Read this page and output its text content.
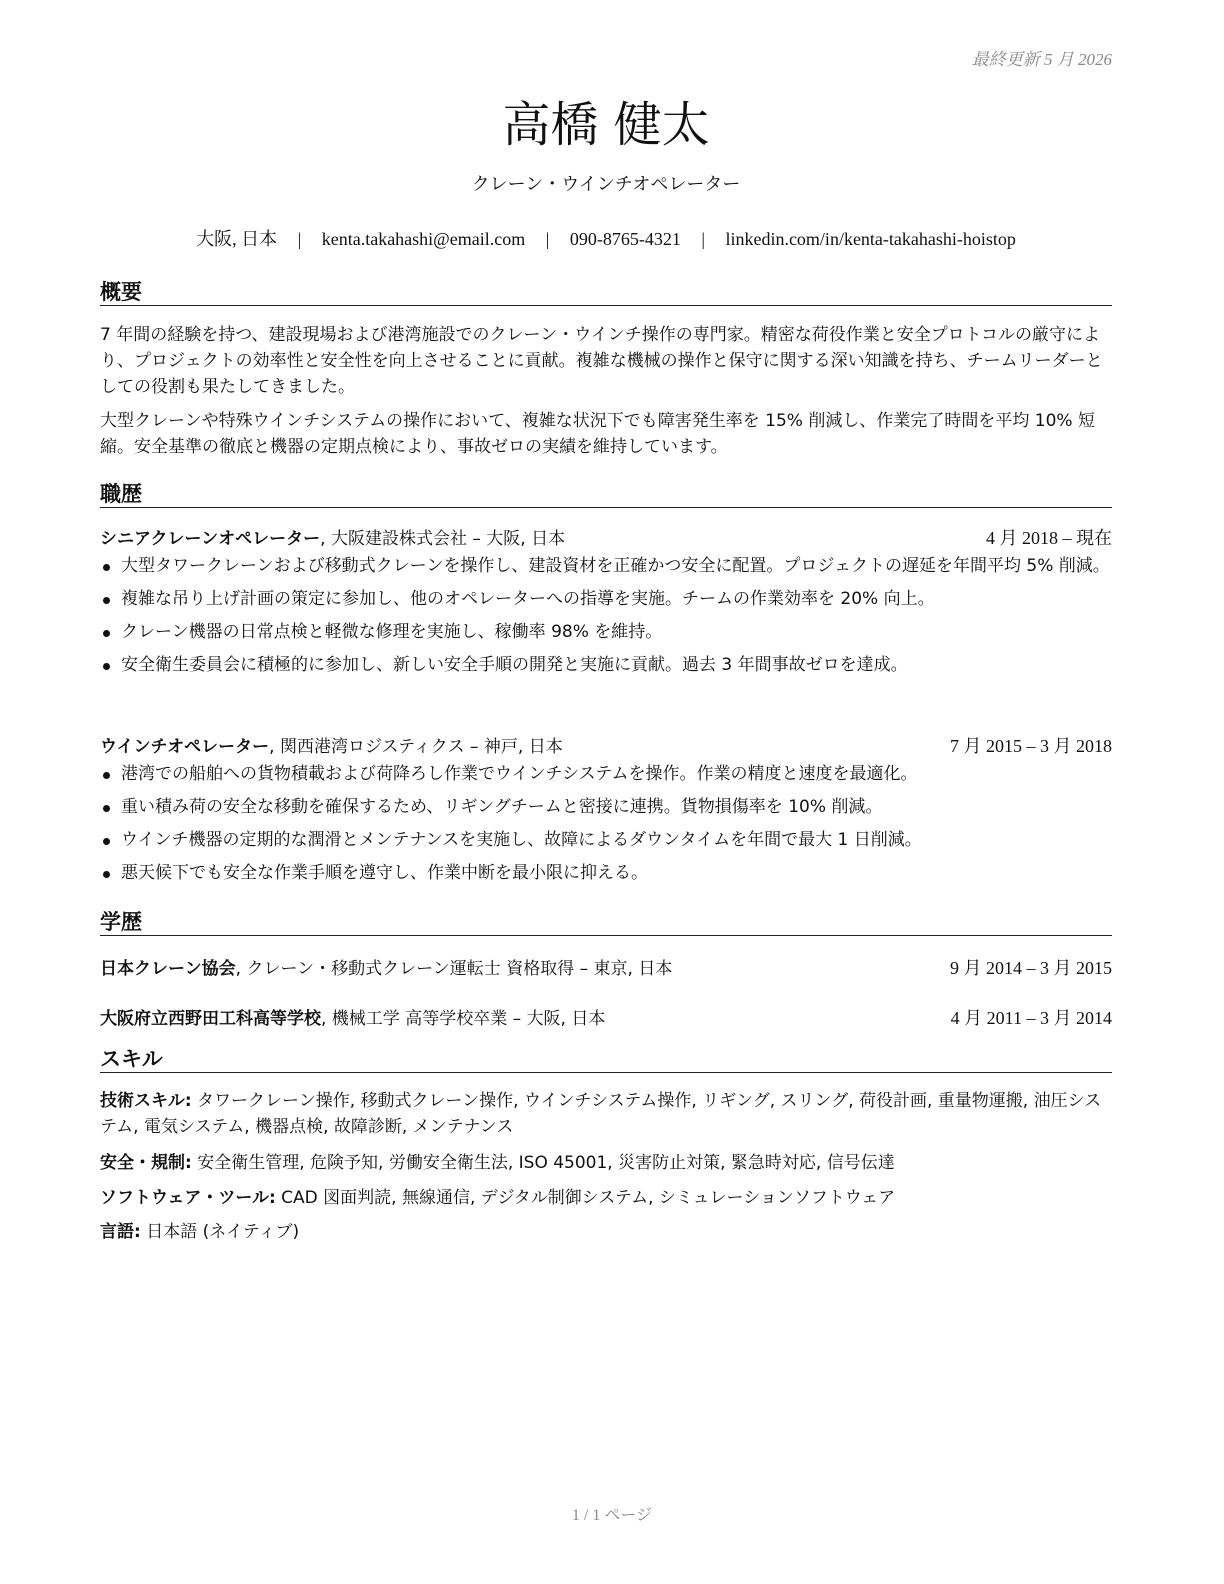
最終更新 5 月 2026
高橋 健太
クレーン・ウインチオペレーター
大阪, 日本 | kenta.takahashi@email.com | 090-8765-4321 | linkedin.com/in/kenta-takahashi-hoistop
概要
7 年間の経験を持つ、建設現場および港湾施設でのクレーン・ウインチ操作の専門家。精密な荷役作業と安全プロトコルの厳守により、プロジェクトの効率性と安全性を向上させることに貢献。複雑な機械の操作と保守に関する深い知識を持ち、チームリーダーとしての役割も果たしてきました。
大型クレーンや特殊ウインチシステムの操作において、複雑な状況下でも障害発生率を 15% 削減し、作業完了時間を平均 10% 短縮。安全基準の徹底と機器の定期点検により、事故ゼロの実績を維持しています。
職歴
シニアクレーンオペレーター, 大阪建設株式会社 – 大阪, 日本	4 月 2018 – 現在
大型タワークレーンおよび移動式クレーンを操作し、建設資材を正確かつ安全に配置。プロジェクトの遅延を年間平均 5% 削減。
複雑な吊り上げ計画の策定に参加し、他のオペレーターへの指導を実施。チームの作業効率を 20% 向上。
クレーン機器の日常点検と軽微な修理を実施し、稼働率 98% を維持。
安全衛生委員会に積極的に参加し、新しい安全手順の開発と実施に貢献。過去 3 年間事故ゼロを達成。
ウインチオペレーター, 関西港湾ロジスティクス – 神戸, 日本	7 月 2015 – 3 月 2018
港湾での船舶への貨物積載および荷降ろし作業でウインチシステムを操作。作業の精度と速度を最適化。
重い積み荷の安全な移動を確保するため、リギングチームと密接に連携。貨物損傷率を 10% 削減。
ウインチ機器の定期的な潤滑とメンテナンスを実施し、故障によるダウンタイムを年間で最大 1 日削減。
悪天候下でも安全な作業手順を遵守し、作業中断を最小限に抑える。
学歴
日本クレーン協会, クレーン・移動式クレーン運転士 資格取得 – 東京, 日本	9 月 2014 – 3 月 2015
大阪府立西野田工科高等学校, 機械工学 高等学校卒業 – 大阪, 日本	4 月 2011 – 3 月 2014
スキル
技術スキル: タワークレーン操作, 移動式クレーン操作, ウインチシステム操作, リギング, スリング, 荷役計画, 重量物運搬, 油圧システム, 電気システム, 機器点検, 故障診断, メンテナンス
安全・規制: 安全衛生管理, 危険予知, 労働安全衛生法, ISO 45001, 災害防止対策, 緊急時対応, 信号伝達
ソフトウェア・ツール: CAD 図面判読, 無線通信, デジタル制御システム, シミュレーションソフトウェア
言語: 日本語 (ネイティブ)
1 / 1 ページ
